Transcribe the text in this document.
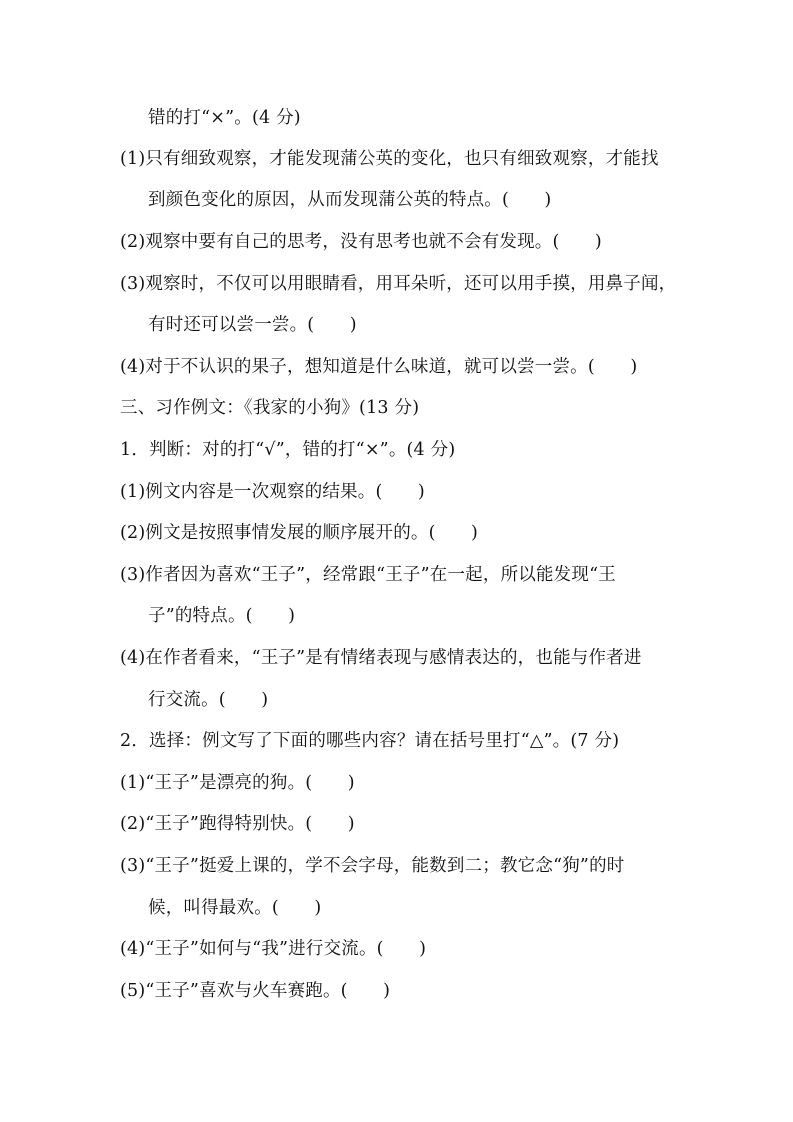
错的打“×”。(4 分)
(1)只有细致观察，才能发现蒲公英的变化，也只有细致观察，才能找
到颜色变化的原因，从而发现蒲公英的特点。(　　)
(2)观察中要有自己的思考，没有思考也就不会有发现。(　　)
(3)观察时，不仅可以用眼睛看，用耳朵听，还可以用手摸，用鼻子闻，
有时还可以尝一尝。(　　)
(4)对于不认识的果子，想知道是什么味道，就可以尝一尝。(　　)
三、习作例文：《我家的小狗》(13 分)
1．判断：对的打“√”，错的打“×”。(4 分)
(1)例文内容是一次观察的结果。(　　)
(2)例文是按照事情发展的顺序展开的。(　　)
(3)作者因为喜欢“王子”，经常跟“王子”在一起，所以能发现“王
子”的特点。(　　)
(4)在作者看来，“王子”是有情绪表现与感情表达的，也能与作者进
行交流。(　　)
2．选择：例文写了下面的哪些内容？请在括号里打“△”。(7 分)
(1)“王子”是漂亮的狗。(　　)
(2)“王子”跑得特别快。(　　)
(3)“王子”挺爱上课的，学不会字母，能数到二；教它念“狗”的时
候，叫得最欢。(　　)
(4)“王子”如何与“我”进行交流。(　　)
(5)“王子”喜欢与火车赛跑。(　　)
